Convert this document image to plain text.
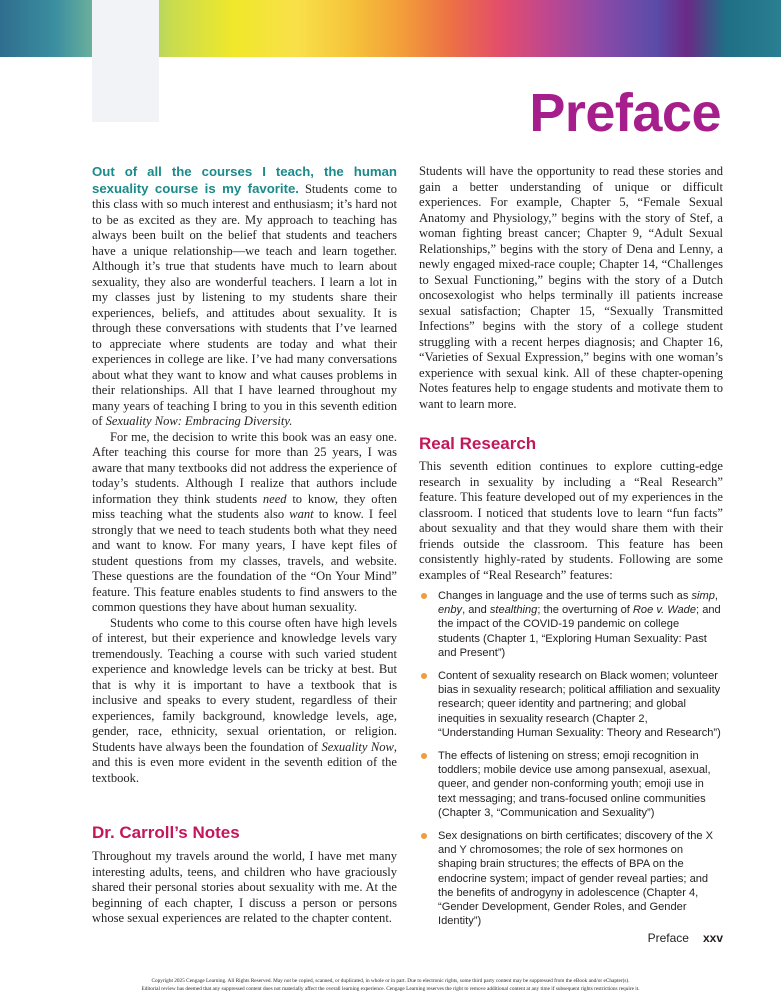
Preface

Out of all the courses I teach, the human sexuality course is my favorite. Students come to this class with so much interest and enthusiasm; it’s hard not to be as excited as they are. My approach to teaching has always been built on the belief that students and teachers have a unique relationship—we teach and learn together. Although it’s true that students have much to learn about sexuality, they also are wonderful teachers. I learn a lot in my classes just by listening to my students share their experiences, beliefs, and attitudes about sexuality. It is through these conversations with students that I’ve learned to appreciate where students are today and what their experiences in college are like. I’ve had many conversations about what they want to know and what causes problems in their relationships. All that I have learned throughout my many years of teaching I bring to you in this seventh edition of Sexuality Now: Embracing Diversity.

For me, the decision to write this book was an easy one. After teaching this course for more than 25 years, I was aware that many textbooks did not address the experience of today’s students. Although I realize that authors include information they think students need to know, they often miss teaching what the students also want to know. I feel strongly that we need to teach students both what they need and want to know. For many years, I have kept files of student questions from my classes, travels, and website. These questions are the foundation of the “On Your Mind” feature. This feature enables students to find answers to the common questions they have about human sexuality.

Students who come to this course often have high levels of interest, but their experience and knowledge levels vary tremendously. Teaching a course with such varied student experience and knowledge levels can be tricky at best. But that is why it is important to have a textbook that is inclusive and speaks to every student, regardless of their experiences, family background, knowledge levels, age, gender, race, ethnicity, sexual orientation, or religion. Students have always been the foundation of Sexuality Now, and this is even more evident in the seventh edition of the textbook.

Dr. Carroll’s Notes

Throughout my travels around the world, I have met many interesting adults, teens, and children who have graciously shared their personal stories about sexuality with me. At the beginning of each chapter, I discuss a person or persons whose sexual experiences are related to the chapter content.

Students will have the opportunity to read these stories and gain a better understanding of unique or difficult experiences. For example, Chapter 5, “Female Sexual Anatomy and Physiology,” begins with the story of Stef, a woman fighting breast cancer; Chapter 9, “Adult Sexual Relationships,” begins with the story of Dena and Lenny, a newly engaged mixed-race couple; Chapter 14, “Challenges to Sexual Functioning,” begins with the story of a Dutch oncosexologist who helps terminally ill patients increase sexual satisfaction; Chapter 15, “Sexually Transmitted Infections” begins with the story of a college student struggling with a recent herpes diagnosis; and Chapter 16, “Varieties of Sexual Expression,” begins with one woman’s experience with sexual kink. All of these chapter-opening Notes features help to engage students and motivate them to want to learn more.

Real Research

This seventh edition continues to explore cutting-edge research in sexuality by including a “Real Research” feature. This feature developed out of my experiences in the classroom. I noticed that students love to learn “fun facts” about sexuality and that they would share them with their friends outside the classroom. This feature has been consistently highly-rated by students. Following are some examples of “Real Research” features:

Changes in language and the use of terms such as simp, enby, and stealthing; the overturning of Roe v. Wade; and the impact of the COVID-19 pandemic on college students (Chapter 1, “Exploring Human Sexuality: Past and Present”)
Content of sexuality research on Black women; volunteer bias in sexuality research; political affiliation and sexuality research; queer identity and partnering; and global inequities in sexuality research (Chapter 2, “Understanding Human Sexuality: Theory and Research”)
The effects of listening on stress; emoji recognition in toddlers; mobile device use among pansexual, asexual, queer, and gender non-conforming youth; emoji use in text messaging; and trans-focused online communities (Chapter 3, “Communication and Sexuality”)
Sex designations on birth certificates; discovery of the X and Y chromosomes; the role of sex hormones on shaping brain structures; the effects of BPA on the endocrine system; impact of gender reveal parties; and the benefits of androgyny in adolescence (Chapter 4, “Gender Development, Gender Roles, and Gender Identity”)
Preface xxv
Copyright 2025 Cengage Learning. All Rights Reserved. May not be copied, scanned, or duplicated, in whole or in part. Due to electronic rights, some third party content may be suppressed from the eBook and/or eChapter(s).
Editorial review has deemed that any suppressed content does not materially affect the overall learning experience. Cengage Learning reserves the right to remove additional content at any time if subsequent rights restrictions require it.
